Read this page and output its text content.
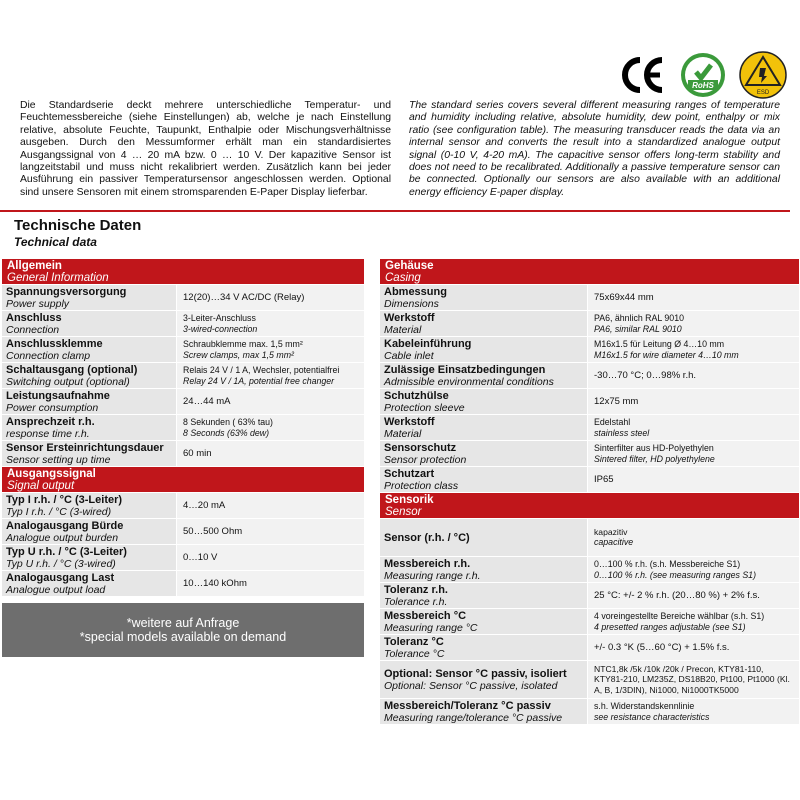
RoHS
ESD

Die Standardserie deckt mehrere unterschiedliche Temperatur- und Feuchtemessbereiche (siehe Einstellungen) ab, welche je nach Einstellung relative, absolute Feuchte, Taupunkt, Enthalpie oder Mischungsverhältnisse ausgeben. Durch den Messumformer erhält man ein standardisiertes Ausgangssignal von 4 … 20 mA bzw. 0 … 10 V. Der kapazitive Sensor ist langzeitstabil und muss nicht rekalibriert werden. Zusätzlich kann bei jeder Ausführung ein passiver Temperatursensor angeschlossen werden. Optional sind unsere Sensoren mit einem stromsparenden E-Paper Display lieferbar.

The standard series covers several different measuring ranges of temperature and humidity including relative, absolute humidity, dew point, enthalpy or mix ratio (see configuration table). The measuring transducer reads the data via an internal sensor and converts the result into a standardized analogue output signal (0-10 V, 4-20 mA). The capacitive sensor offers long-term stability and does not need to be recalibrated. Additionally a passive temperature sensor can be connected. Optionally our sensors are also available with an additional energy efficiency E-paper display.

Technische Daten
Technical data
Allgemein
General Information
Spannungsversorgung
Power supply
12(20)…34 V AC/DC (Relay)
Anschluss
Connection
3-Leiter-Anschluss
3-wired-connection
Anschlussklemme
Connection clamp
Schraubklemme max. 1,5 mm²
Screw clamps, max 1,5 mm²
Schaltausgang (optional)
Switching output (optional)
Relais 24 V / 1 A, Wechsler, potentialfrei
Relay 24 V / 1A, potential free changer
Leistungsaufnahme
Power consumption
24…44 mA
Ansprechzeit r.h.
response time r.h.
8 Sekunden ( 63% tau)
8 Seconds (63% dew)
Sensor Ersteinrichtungsdauer
Sensor setting up time
60 min
Ausgangssignal
Signal output
Typ I r.h. / °C (3-Leiter)
Typ I r.h. / °C (3-wired)
4…20 mA
Analogausgang Bürde
Analogue output burden
50…500 Ohm
Typ U r.h. / °C (3-Leiter)
Typ U r.h. / °C (3-wired)
0…10 V
Analogausgang Last
Analogue output load
10…140 kOhm
*weitere auf Anfrage
*special models available on demand
Gehäuse
Casing
Abmessung
Dimensions
75x69x44 mm
Werkstoff
Material
PA6, ähnlich RAL 9010
PA6, similar RAL 9010
Kabeleinführung
Cable inlet
M16x1.5 für Leitung Ø 4…10 mm
M16x1.5 for wire diameter 4…10 mm
Zulässige Einsatzbedingungen
Admissible environmental conditions
-30…70 °C; 0…98% r.h.
Schutzhülse
Protection sleeve
12x75 mm
Werkstoff
Material
Edelstahl
stainless steel
Sensorschutz
Sensor protection
Sinterfilter aus HD-Polyethylen
Sintered filter, HD polyethylene
Schutzart
Protection class
IP65
Sensorik
Sensor
Sensor (r.h. / °C)	kapazitiv
capacitive
Messbereich r.h.
Measuring range r.h.
0…100 % r.h. (s.h. Messbereiche S1)
0…100 % r.h. (see measuring ranges S1)
Toleranz r.h.
Tolerance r.h.
25 °C: +/- 2 % r.h. (20…80 %) + 2% f.s.
Messbereich °C
Measuring range °C
4 voreingestellte Bereiche wählbar (s.h. S1)
4 presetted ranges adjustable (see S1)
Toleranz °C
Tolerance °C
+/- 0.3 °K (5…60 °C) + 1.5% f.s.
Optional: Sensor °C passiv, isoliert
Optional: Sensor °C passive, isolated
NTC1,8k /5k /10k /20k / Precon, KTY81-110, KTY81-210, LM235Z, DS18B20, Pt100, Pt1000 (Kl. A, B, 1/3DIN), Ni1000, Ni1000TK5000
Messbereich/Toleranz °C passiv
Measuring range/tolerance °C passive
s.h. Widerstandskennlinie
see resistance characteristics
